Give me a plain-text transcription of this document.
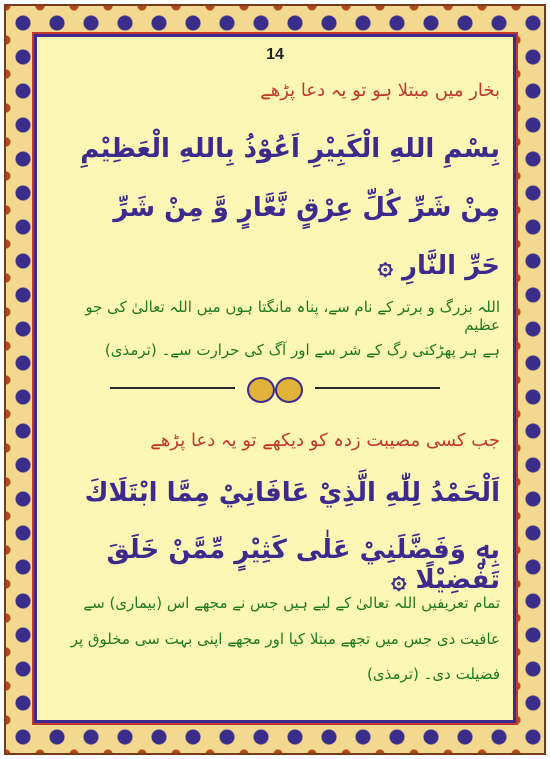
14
بخار میں مبتلا ہو تو یہ دعا پڑھے
بِسْمِ اللهِ الْكَبِيْرِ اَعُوْذُ بِاللهِ الْعَظِيْمِ
مِنْ شَرِّ كُلِّ عِرْقٍ نَّعَّارٍ وَّ مِنْ شَرِّ
حَرِّ النَّارِ ۞
اللہ بزرگ و برتر کے نام سے، پناہ مانگتا ہوں میں اللہ تعالیٰ کی جو عظیم
ہے ہر پھڑکتی رگ کے شر سے اور آگ کی حرارت سے۔ (ترمذی)
جب کسی مصیبت زدہ کو دیکھے تو یہ دعا پڑھے
اَلْحَمْدُ لِلّٰهِ الَّذِيْ عَافَانِيْ مِمَّا ابْتَلَاكَ
بِهٖ وَفَضَّلَنِيْ عَلٰى كَثِيْرٍ مِّمَّنْ خَلَقَ تَفْضِيْلًا ۞
تمام تعریفیں اللہ تعالیٰ کے لیے ہیں جس نے مجھے اس (بیماری) سے
عافیت دی جس میں تجھے مبتلا کیا اور مجھے اپنی بہت سی مخلوق پر
فضیلت دی۔ (ترمذی)
